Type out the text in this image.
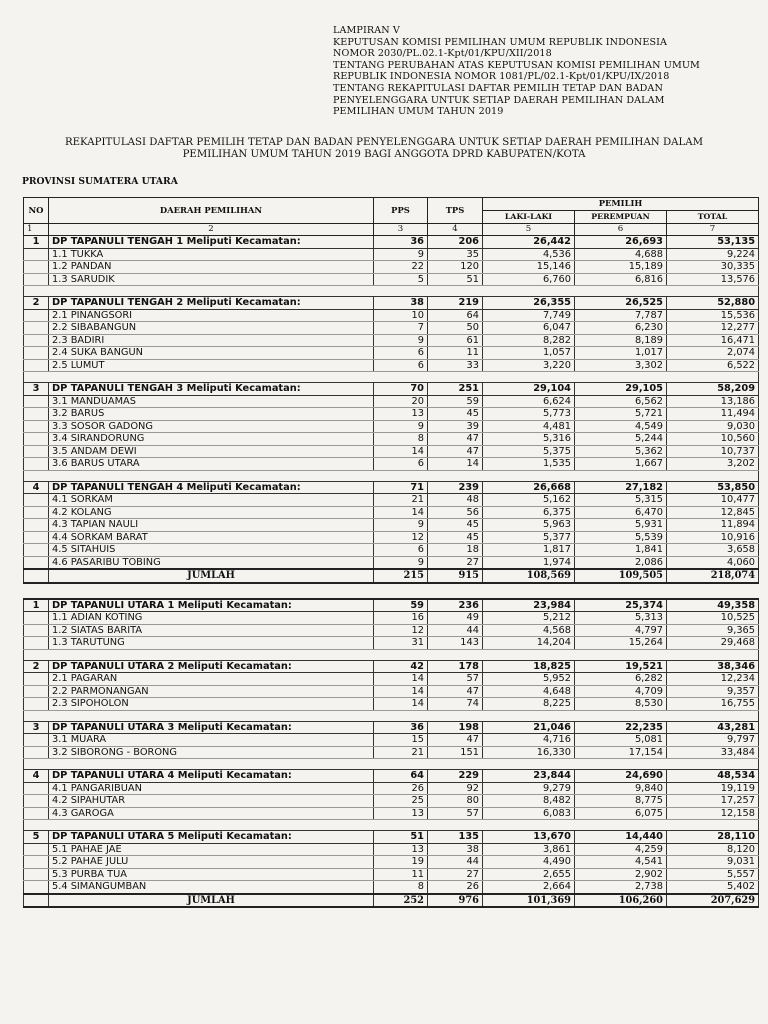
LAMPIRAN V
KEPUTUSAN KOMISI PEMILIHAN UMUM REPUBLIK INDONESIA
NOMOR 2030/PL.02.1-Kpt/01/KPU/XII/2018
TENTANG PERUBAHAN ATAS KEPUTUSAN KOMISI PEMILIHAN UMUM
REPUBLIK INDONESIA NOMOR 1081/PL/02.1-Kpt/01/KPU/IX/2018
TENTANG REKAPITULASI DAFTAR PEMILIH TETAP DAN BADAN
PENYELENGGARA UNTUK SETIAP DAERAH PEMILIHAN DALAM
PEMILIHAN UMUM TAHUN 2019
REKAPITULASI DAFTAR PEMILIH TETAP DAN BADAN PENYELENGGARA UNTUK SETIAP DAERAH PEMILIHAN DALAM
PEMILIHAN UMUM TAHUN 2019 BAGI ANGGOTA DPRD KABUPATEN/KOTA
PROVINSI SUMATERA UTARA
NO	DAERAH PEMILIHAN	PPS	TPS	PEMILIH		
				LAKI-LAKI	PEREMPUAN	TOTAL
1	2	3	4	5	6	7
1	DP TAPANULI TENGAH 1 Meliputi Kecamatan:	36	206	26,442	26,693	53,135
	1.1 TUKKA	9	35	4,536	4,688	9,224
	1.2 PANDAN	22	120	15,146	15,189	30,335
	1.3 SARUDIK	5	51	6,760	6,816	13,576

2	DP TAPANULI TENGAH 2 Meliputi Kecamatan:	38	219	26,355	26,525	52,880
	2.1 PINANGSORI	10	64	7,749	7,787	15,536
	2.2 SIBABANGUN	7	50	6,047	6,230	12,277
	2.3 BADIRI	9	61	8,282	8,189	16,471
	2.4 SUKA BANGUN	6	11	1,057	1,017	2,074
	2.5 LUMUT	6	33	3,220	3,302	6,522

3	DP TAPANULI TENGAH 3 Meliputi Kecamatan:	70	251	29,104	29,105	58,209
	3.1 MANDUAMAS	20	59	6,624	6,562	13,186
	3.2 BARUS	13	45	5,773	5,721	11,494
	3.3 SOSOR GADONG	9	39	4,481	4,549	9,030
	3.4 SIRANDORUNG	8	47	5,316	5,244	10,560
	3.5 ANDAM DEWI	14	47	5,375	5,362	10,737
	3.6 BARUS UTARA	6	14	1,535	1,667	3,202

4	DP TAPANULI TENGAH 4 Meliputi Kecamatan:	71	239	26,668	27,182	53,850
	4.1 SORKAM	21	48	5,162	5,315	10,477
	4.2 KOLANG	14	56	6,375	6,470	12,845
	4.3 TAPIAN NAULI	9	45	5,963	5,931	11,894
	4.4 SORKAM BARAT	12	45	5,377	5,539	10,916
	4.5 SITAHUIS	6	18	1,817	1,841	3,658
	4.6 PASARIBU TOBING	9	27	1,974	2,086	4,060
	JUMLAH	215	915	108,569	109,505	218,074

1	DP TAPANULI UTARA 1 Meliputi Kecamatan:	59	236	23,984	25,374	49,358
	1.1 ADIAN KOTING	16	49	5,212	5,313	10,525
	1.2 SIATAS BARITA	12	44	4,568	4,797	9,365
	1.3 TARUTUNG	31	143	14,204	15,264	29,468

2	DP TAPANULI UTARA 2 Meliputi Kecamatan:	42	178	18,825	19,521	38,346
	2.1 PAGARAN	14	57	5,952	6,282	12,234
	2.2 PARMONANGAN	14	47	4,648	4,709	9,357
	2.3 SIPOHOLON	14	74	8,225	8,530	16,755

3	DP TAPANULI UTARA 3 Meliputi Kecamatan:	36	198	21,046	22,235	43,281
	3.1 MUARA	15	47	4,716	5,081	9,797
	3.2 SIBORONG - BORONG	21	151	16,330	17,154	33,484

4	DP TAPANULI UTARA 4 Meliputi Kecamatan:	64	229	23,844	24,690	48,534
	4.1 PANGARIBUAN	26	92	9,279	9,840	19,119
	4.2 SIPAHUTAR	25	80	8,482	8,775	17,257
	4.3 GAROGA	13	57	6,083	6,075	12,158

5	DP TAPANULI UTARA 5 Meliputi Kecamatan:	51	135	13,670	14,440	28,110
	5.1 PAHAE JAE	13	38	3,861	4,259	8,120
	5.2 PAHAE JULU	19	44	4,490	4,541	9,031
	5.3 PURBA TUA	11	27	2,655	2,902	5,557
	5.4 SIMANGUMBAN	8	26	2,664	2,738	5,402
	JUMLAH	252	976	101,369	106,260	207,629
